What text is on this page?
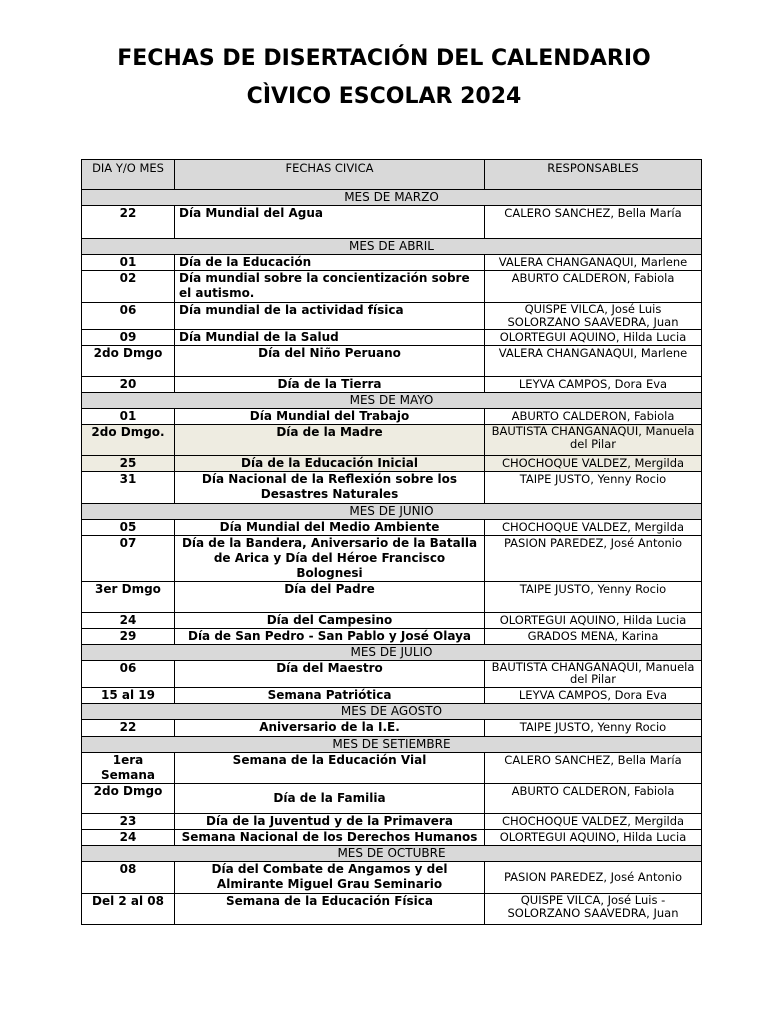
FECHAS DE DISERTACIÓN DEL CALENDARIO
CÌVICO ESCOLAR 2024
DIA Y/O MES	FECHAS CIVICA	RESPONSABLES
MES DE MARZO		
22	Día Mundial del Agua	CALERO SANCHEZ, Bella María
MES DE ABRIL		
01	Día de la Educación	VALERA CHANGANAQUI, Marlene
02	Día mundial sobre la concientización sobre el autismo.	ABURTO CALDERON, Fabiola
06	Día mundial de la actividad física	QUISPE VILCA, José Luis SOLORZANO SAAVEDRA, Juan
09	Día Mundial de la Salud	OLORTEGUI AQUINO, Hilda Lucia
2do Dmgo	Día del Niño Peruano	VALERA CHANGANAQUI, Marlene
20	Día de la Tierra	LEYVA CAMPOS, Dora Eva
MES DE MAYO		
01	Día Mundial del Trabajo	ABURTO CALDERON, Fabiola
2do Dmgo.	Día de la Madre	BAUTISTA CHANGANAQUI, Manuela del Pilar
25	Día de la Educación Inicial	CHOCHOQUE VALDEZ, Mergilda
31	Día Nacional de la Reflexión sobre los Desastres Naturales	TAIPE JUSTO, Yenny Rocio
MES DE JUNIO		
05	Día Mundial del Medio Ambiente	CHOCHOQUE VALDEZ, Mergilda
07	Día de la Bandera, Aniversario de la Batalla de Arica y Día del Héroe Francisco Bolognesi	PASION PAREDEZ, José Antonio
3er Dmgo	Día del Padre	TAIPE JUSTO, Yenny Rocio
24	Día del Campesino	OLORTEGUI AQUINO, Hilda Lucia
29	Día de San Pedro - San Pablo y José Olaya	GRADOS MENA, Karina
MES DE JULIO		
06	Día del Maestro	BAUTISTA CHANGANAQUI, Manuela del Pilar
15 al 19	Semana Patriótica	LEYVA CAMPOS, Dora Eva
MES DE AGOSTO		
22	Aniversario de la I.E.	TAIPE JUSTO, Yenny Rocio
MES DE SETIEMBRE		
1era Semana	Semana de la Educación Vial	CALERO SANCHEZ, Bella María
2do Dmgo	Día de la Familia	ABURTO CALDERON, Fabiola
23	Día de la Juventud y de la Primavera	CHOCHOQUE VALDEZ, Mergilda
24	Semana Nacional de los Derechos Humanos	OLORTEGUI AQUINO, Hilda Lucia
MES DE OCTUBRE		
08	Día del Combate de Angamos y del Almirante Miguel Grau Seminario	PASION PAREDEZ, José Antonio
Del 2 al 08	Semana de la Educación Física	QUISPE VILCA, José Luis - SOLORZANO SAAVEDRA, Juan
